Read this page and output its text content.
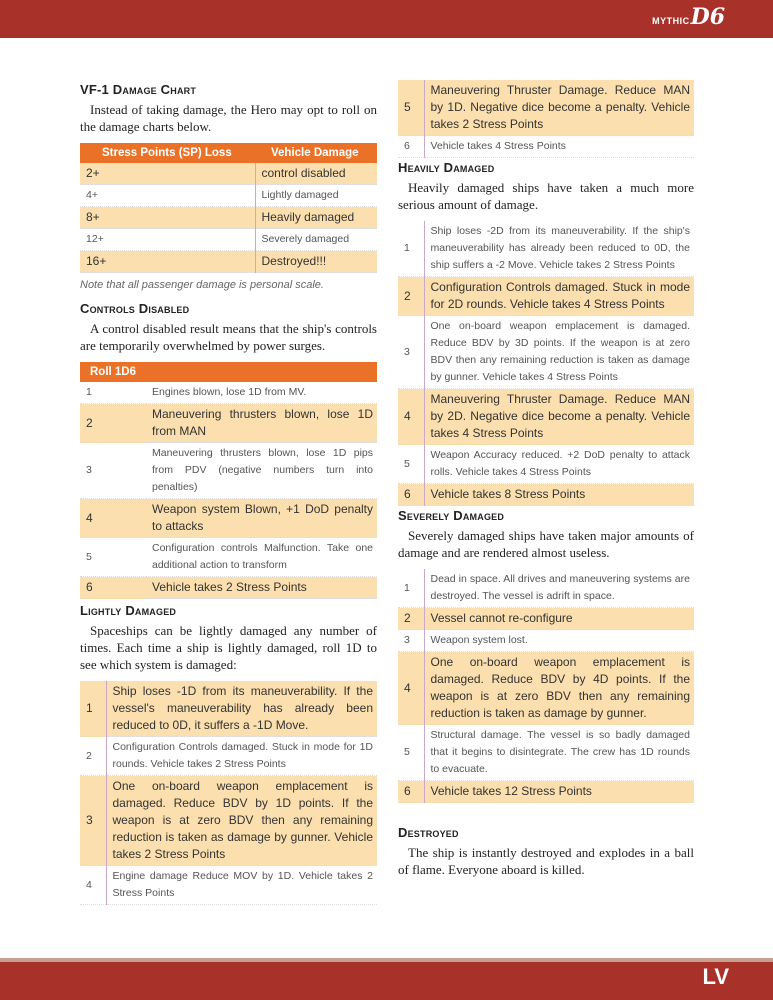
MYTHIC D6
VF-1 Damage Chart

Instead of taking damage, the Hero may opt to roll on the damage charts below.

Stress Points (SP) Loss	Vehicle Damage
2+	control disabled
4+	Lightly damaged
8+	Heavily damaged
12+	Severely damaged
16+	Destroyed!!!

Note that all passenger damage is personal scale.

Controls Disabled

A control disabled result means that the ship's controls are temporarily overwhelmed by power surges.

Roll 1D6	
1	Engines blown, lose 1D from MV.
2	Maneuvering thrusters blown, lose 1D from MAN
3	Maneuvering thrusters blown, lose 1D pips from PDV (negative numbers turn into penalties)
4	Weapon system Blown, +1 DoD penalty to attacks
5	Configuration controls Malfunction. Take one additional action to transform
6	Vehicle takes 2 Stress Points
Lightly Damaged

Spaceships can be lightly damaged any number of times. Each time a ship is lightly damaged, roll 1D to see which system is damaged:

1	Ship loses -1D from its maneuverability. If the vessel's maneuverability has already been reduced to 0D, it suffers a -1D Move.
2	Configuration Controls damaged. Stuck in mode for 1D rounds. Vehicle takes 2 Stress Points
3	One on-board weapon emplacement is damaged. Reduce BDV by 1D points. If the weapon is at zero BDV then any remaining reduction is taken as damage by gunner. Vehicle takes 2 Stress Points
4	Engine damage Reduce MOV by 1D. Vehicle takes 2 Stress Points
5	Maneuvering Thruster Damage. Reduce MAN by 1D. Negative dice become a penalty. Vehicle takes 2 Stress Points
6	Vehicle takes 4 Stress Points
Heavily Damaged

Heavily damaged ships have taken a much more serious amount of damage.

1	Ship loses -2D from its maneuverability. If the ship's maneuverability has already been reduced to 0D, the ship suffers a -2 Move. Vehicle takes 2 Stress Points
2	Configuration Controls damaged. Stuck in mode for 2D rounds. Vehicle takes 4 Stress Points
3	One on-board weapon emplacement is damaged. Reduce BDV by 3D points. If the weapon is at zero BDV then any remaining reduction is taken as damage by gunner. Vehicle takes 4 Stress Points
4	Maneuvering Thruster Damage. Reduce MAN by 2D. Negative dice become a penalty. Vehicle takes 4 Stress Points
5	Weapon Accuracy reduced. +2 DoD penalty to attack rolls. Vehicle takes 4 Stress Points
6	Vehicle takes 8 Stress Points
Severely Damaged

Severely damaged ships have taken major amounts of damage and are rendered almost useless.

1	Dead in space. All drives and maneuvering systems are destroyed. The vessel is adrift in space.
2	Vessel cannot re-configure
3	Weapon system lost.
4	One on-board weapon emplacement is damaged. Reduce BDV by 4D points. If the weapon is at zero BDV then any remaining reduction is taken as damage by gunner.
5	Structural damage. The vessel is so badly damaged that it begins to disintegrate. The crew has 1D rounds to evacuate.
6	Vehicle takes 12 Stress Points
Destroyed

The ship is instantly destroyed and explodes in a ball of flame. Everyone aboard is killed.

LV
